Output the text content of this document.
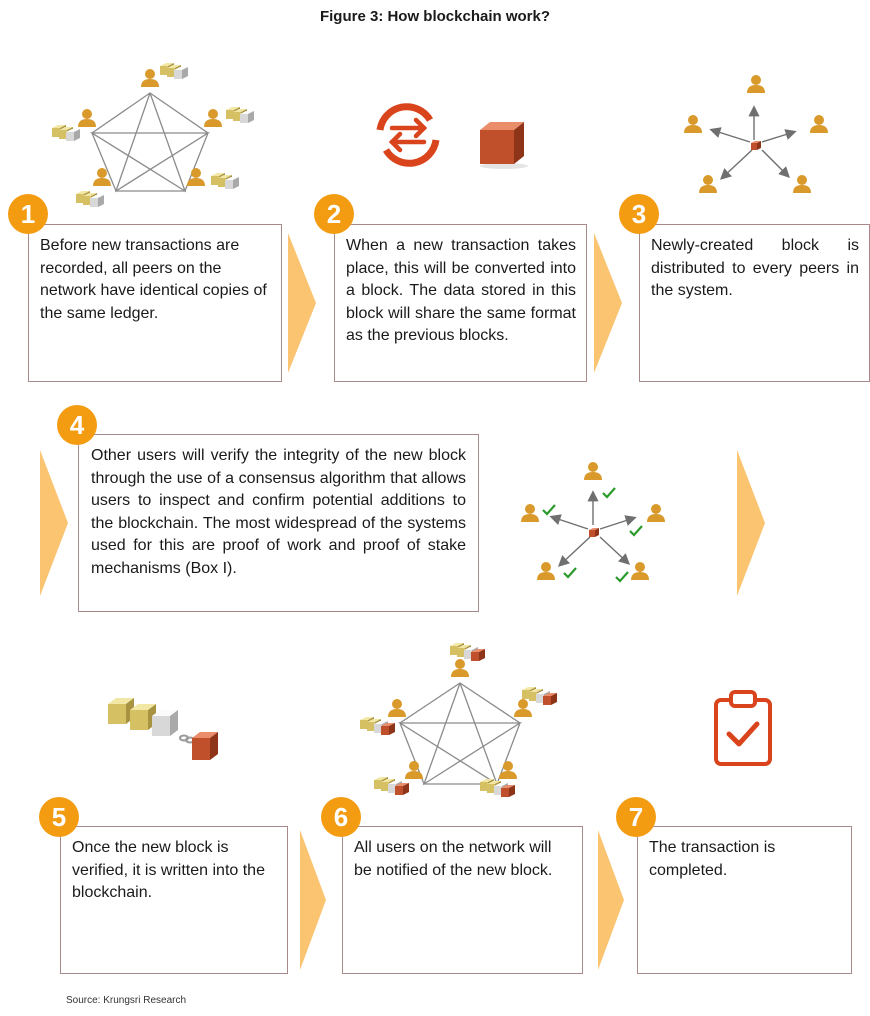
Figure 3: How blockchain work?
Before new transactions are recorded, all peers on the network have identical copies of the same ledger.
1
When a new transaction takes place, this will be converted into a block. The data stored in this block will share the same format as the previous blocks.
2
Newly-created block is distributed to every peers in the system.
3
Other users will verify the integrity of the new block through the use of a consensus algorithm that allows users to inspect and confirm potential additions to the blockchain. The most widespread of the systems used for this are proof of work and proof of stake mechanisms (Box I).
4
Once the new block is verified, it is written into the blockchain.
5
All users on the network will be notified of the new block.
6
The transaction is completed.
7
Source: Krungsri Research
